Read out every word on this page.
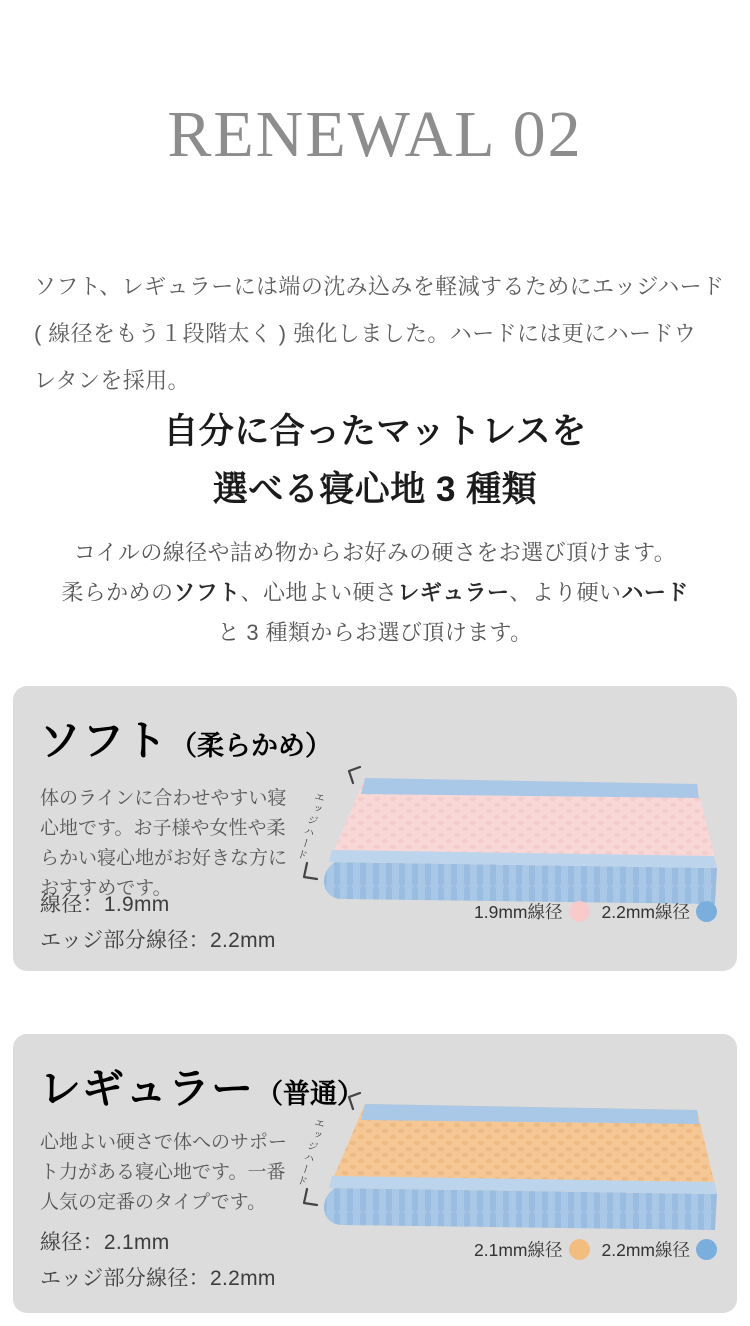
RENEWAL 02
ソフト、レギュラーには端の沈み込みを軽減するためにエッジハード
( 線径をもう１段階太く ) 強化しました。ハードには更にハードウ
レタンを採用。
自分に合ったマットレスを
選べる寝心地 3 種類
コイルの線径や詰め物からお好みの硬さをお選び頂けます。
柔らかめのソフト、心地よい硬さレギュラー、より硬いハード
と 3 種類からお選び頂けます。
ソフト（柔らかめ）

体のラインに合わせやすい寝心地です。お子様や女性や柔らかい寝心地がお好きな方におすすめです。

線径：1.9mm
エッジ部分線径：2.2mm
エッジハード
1.9mm線径 2.2mm線径
レギュラー（普通）

心地よい硬さで体へのサポート力がある寝心地です。一番人気の定番のタイプです。

線径：2.1mm
エッジ部分線径：2.2mm
エッジハード
2.1mm線径 2.2mm線径
